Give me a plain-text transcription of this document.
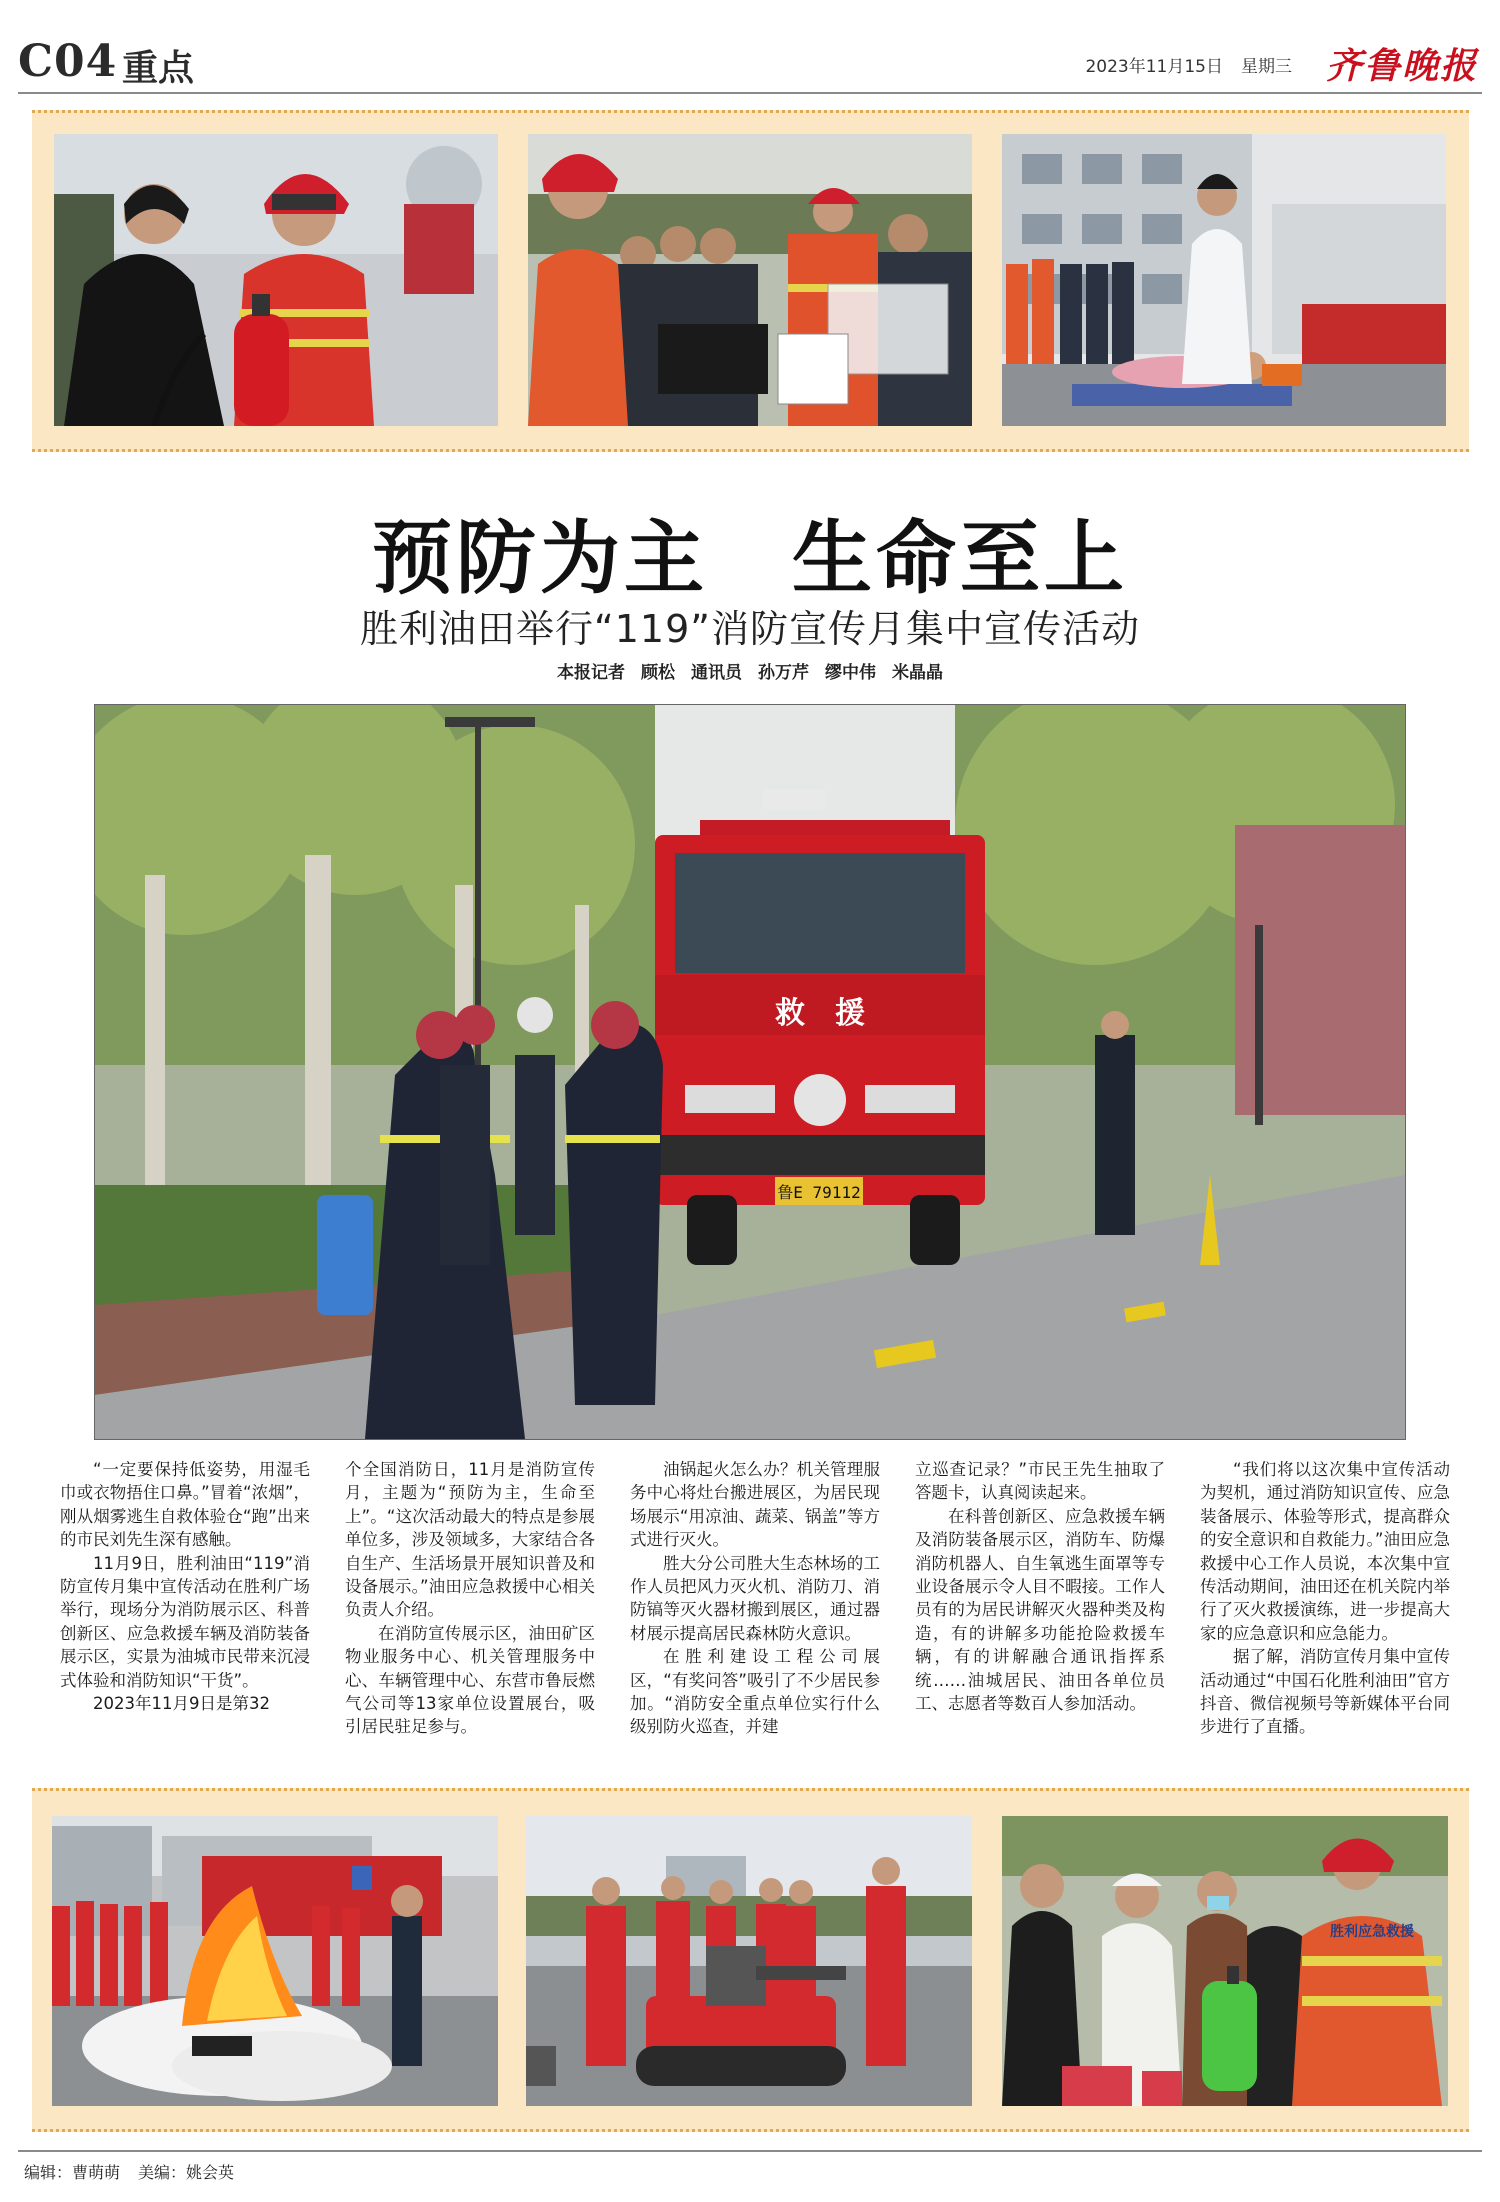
C04 重点	2023年11月15日 星期三 齐鲁晚报
预防为主　生命至上
胜利油田举行“119”消防宣传月集中宣传活动
本报记者 顾松 通讯员 孙万芹 缪中伟 米晶晶
救　援
鲁E 79112

“一定要保持低姿势，用湿毛巾或衣物捂住口鼻。”冒着“浓烟”，刚从烟雾逃生自救体验仓“跑”出来的市民刘先生深有感触。

11月9日，胜利油田“119”消防宣传月集中宣传活动在胜利广场举行，现场分为消防展示区、科普创新区、应急救援车辆及消防装备展示区，实景为油城市民带来沉浸式体验和消防知识“干货”。

2023年11月9日是第32

个全国消防日，11月是消防宣传月，主题为“预防为主，生命至上”。“这次活动最大的特点是参展单位多，涉及领域多，大家结合各自生产、生活场景开展知识普及和设备展示。”油田应急救援中心相关负责人介绍。

在消防宣传展示区，油田矿区物业服务中心、机关管理服务中心、车辆管理中心、东营市鲁辰燃气公司等13家单位设置展台，吸引居民驻足参与。

油锅起火怎么办？机关管理服务中心将灶台搬进展区，为居民现场展示“用凉油、蔬菜、锅盖”等方式进行灭火。

胜大分公司胜大生态林场的工作人员把风力灭火机、消防刀、消防镐等灭火器材搬到展区，通过器材展示提高居民森林防火意识。

在胜利建设工程公司展区，“有奖问答”吸引了不少居民参加。“消防安全重点单位实行什么级别防火巡查，并建

立巡查记录？”市民王先生抽取了答题卡，认真阅读起来。

在科普创新区、应急救援车辆及消防装备展示区，消防车、防爆消防机器人、自生氧逃生面罩等专业设备展示令人目不暇接。工作人员有的为居民讲解灭火器种类及构造，有的讲解多功能抢险救援车辆，有的讲解融合通讯指挥系统……油城居民、油田各单位员工、志愿者等数百人参加活动。

“我们将以这次集中宣传活动为契机，通过消防知识宣传、应急装备展示、体验等形式，提高群众的安全意识和自救能力。”油田应急救援中心工作人员说，本次集中宣传活动期间，油田还在机关院内举行了灭火救援演练，进一步提高大家的应急意识和应急能力。

据了解，消防宣传月集中宣传活动通过“中国石化胜利油田”官方抖音、微信视频号等新媒体平台同步进行了直播。

胜利应急救援
编辑：曹萌萌 美编：姚会英
